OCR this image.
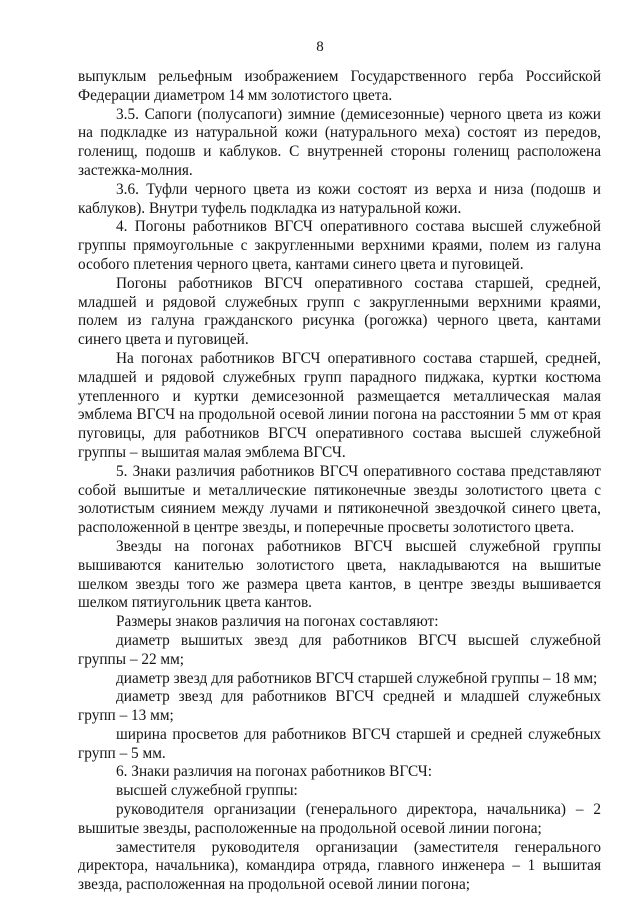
8

выпуклым рельефным изображением Государственного герба Российской Федерации диаметром 14 мм золотистого цвета.

3.5. Сапоги (полусапоги) зимние (демисезонные) черного цвета из кожи на подкладке из натуральной кожи (натурального меха) состоят из передов, голенищ, подошв и каблуков. С внутренней стороны голенищ расположена застежка-молния.

3.6. Туфли черного цвета из кожи состоят из верха и низа (подошв и каблуков). Внутри туфель подкладка из натуральной кожи.

4. Погоны работников ВГСЧ оперативного состава высшей служебной группы прямоугольные с закругленными верхними краями, полем из галуна особого плетения черного цвета, кантами синего цвета и пуговицей.

Погоны работников ВГСЧ оперативного состава старшей, средней, младшей и рядовой служебных групп с закругленными верхними краями, полем из галуна гражданского рисунка (рогожка) черного цвета, кантами синего цвета и пуговицей.

На погонах работников ВГСЧ оперативного состава старшей, средней, младшей и рядовой служебных групп парадного пиджака, куртки костюма утепленного и куртки демисезонной размещается металлическая малая эмблема ВГСЧ на продольной осевой линии погона на расстоянии 5 мм от края пуговицы, для работников ВГСЧ оперативного состава высшей служебной группы – вышитая малая эмблема ВГСЧ.

5. Знаки различия работников ВГСЧ оперативного состава представляют собой вышитые и металлические пятиконечные звезды золотистого цвета с золотистым сиянием между лучами и пятиконечной звездочкой синего цвета, расположенной в центре звезды, и поперечные просветы золотистого цвета.

Звезды на погонах работников ВГСЧ высшей служебной группы вышиваются канителью золотистого цвета, накладываются на вышитые шелком звезды того же размера цвета кантов, в центре звезды вышивается шелком пятиугольник цвета кантов.

Размеры знаков различия на погонах составляют:

диаметр вышитых звезд для работников ВГСЧ высшей служебной группы – 22 мм;

диаметр звезд для работников ВГСЧ старшей служебной группы – 18 мм;

диаметр звезд для работников ВГСЧ средней и младшей служебных групп – 13 мм;

ширина просветов для работников ВГСЧ старшей и средней служебных групп – 5 мм.

6. Знаки различия на погонах работников ВГСЧ:

высшей служебной группы:

руководителя организации (генерального директора, начальника) – 2 вышитые звезды, расположенные на продольной осевой линии погона;

заместителя руководителя организации (заместителя генерального директора, начальника), командира отряда, главного инженера – 1 вышитая звезда, расположенная на продольной осевой линии погона;
